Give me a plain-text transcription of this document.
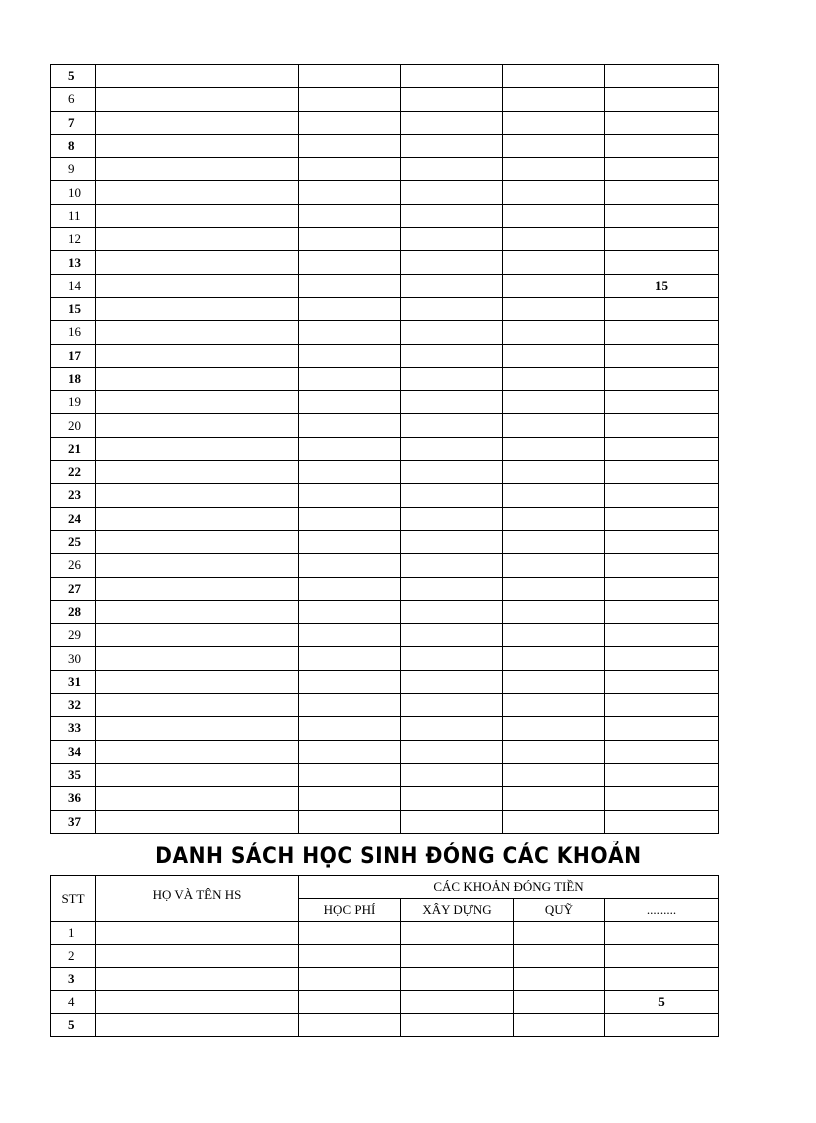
5					
6					
7					
8					
9					
10					
11					
12					
13					
14					15
15					
16					
17					
18					
19					
20					
21					
22					
23					
24					
25					
26					
27					
28					
29					
30					
31					
32					
33					
34					
35					
36					
37					
DANH SÁCH HỌC SINH ĐÓNG CÁC KHOẢN
STT	HỌ VÀ TÊN HS	CÁC KHOẢN ĐÓNG TIỀN			
		HỌC PHÍ	XÂY DỰNG	QUỸ	.........
1					
2					
3					
4					5
5					
